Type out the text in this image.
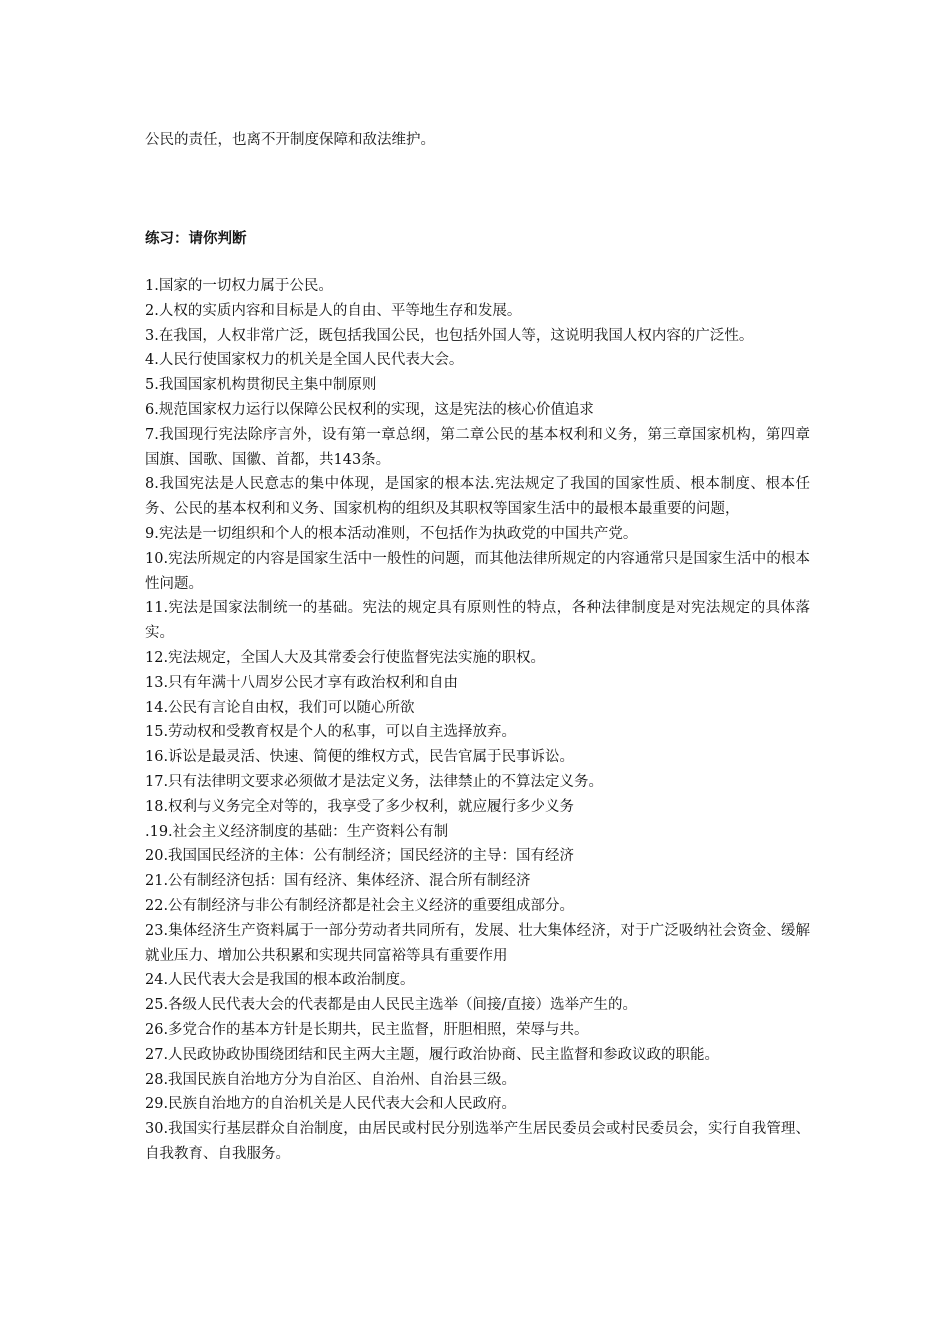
公民的责任，也离不开制度保障和敌法维护。

练习：请你判断
1.国家的一切权力属于公民。
2.人权的实质内容和目标是人的自由、平等地生存和发展。
3.在我国，人权非常广泛，既包括我国公民，也包括外国人等，这说明我国人权内容的广泛性。
4.人民行使国家权力的机关是全国人民代表大会。
5.我国国家机构贯彻民主集中制原则
6.规范国家权力运行以保障公民权利的实现，这是宪法的核心价值追求
7.我国现行宪法除序言外，设有第一章总纲，第二章公民的基本权利和义务，第三章国家机构，第四章国旗、国歌、国徽、首都，共143条。
8.我国宪法是人民意志的集中体现，是国家的根本法.宪法规定了我国的国家性质、根本制度、根本任务、公民的基本权利和义务、国家机构的组织及其职权等国家生活中的最根本最重要的问题，
9.宪法是一切组织和个人的根本活动准则，不包括作为执政党的中国共产党。
10.宪法所规定的内容是国家生活中一般性的问题，而其他法律所规定的内容通常只是国家生活中的根本性问题。
11.宪法是国家法制统一的基础。宪法的规定具有原则性的特点，各种法律制度是对宪法规定的具体落实。
12.宪法规定，全国人大及其常委会行使监督宪法实施的职权。
13.只有年满十八周岁公民才享有政治权利和自由
14.公民有言论自由权，我们可以随心所欲
15.劳动权和受教育权是个人的私事，可以自主选择放弃。
16.诉讼是最灵活、快速、简便的维权方式，民告官属于民事诉讼。
17.只有法律明文要求必须做才是法定义务，法律禁止的不算法定义务。
18.权利与义务完全对等的，我享受了多少权利，就应履行多少义务
.19.社会主义经济制度的基础：生产资料公有制
20.我国国民经济的主体：公有制经济；国民经济的主导：国有经济
21.公有制经济包括：国有经济、集体经济、混合所有制经济
22.公有制经济与非公有制经济都是社会主义经济的重要组成部分。
23.集体经济生产资料属于一部分劳动者共同所有，发展、壮大集体经济，对于广泛吸纳社会资金、缓解就业压力、增加公共积累和实现共同富裕等具有重要作用
24.人民代表大会是我国的根本政治制度。
25.各级人民代表大会的代表都是由人民民主选举（间接/直接）选举产生的。
26.多党合作的基本方针是长期共，民主监督，肝胆相照，荣辱与共。
27.人民政协政协围绕团结和民主两大主题，履行政治协商、民主监督和参政议政的职能。
28.我国民族自治地方分为自治区、自治州、自治县三级。
29.民族自治地方的自治机关是人民代表大会和人民政府。
30.我国实行基层群众自治制度，由居民或村民分别选举产生居民委员会或村民委员会，实行自我管理、自我教育、自我服务。
